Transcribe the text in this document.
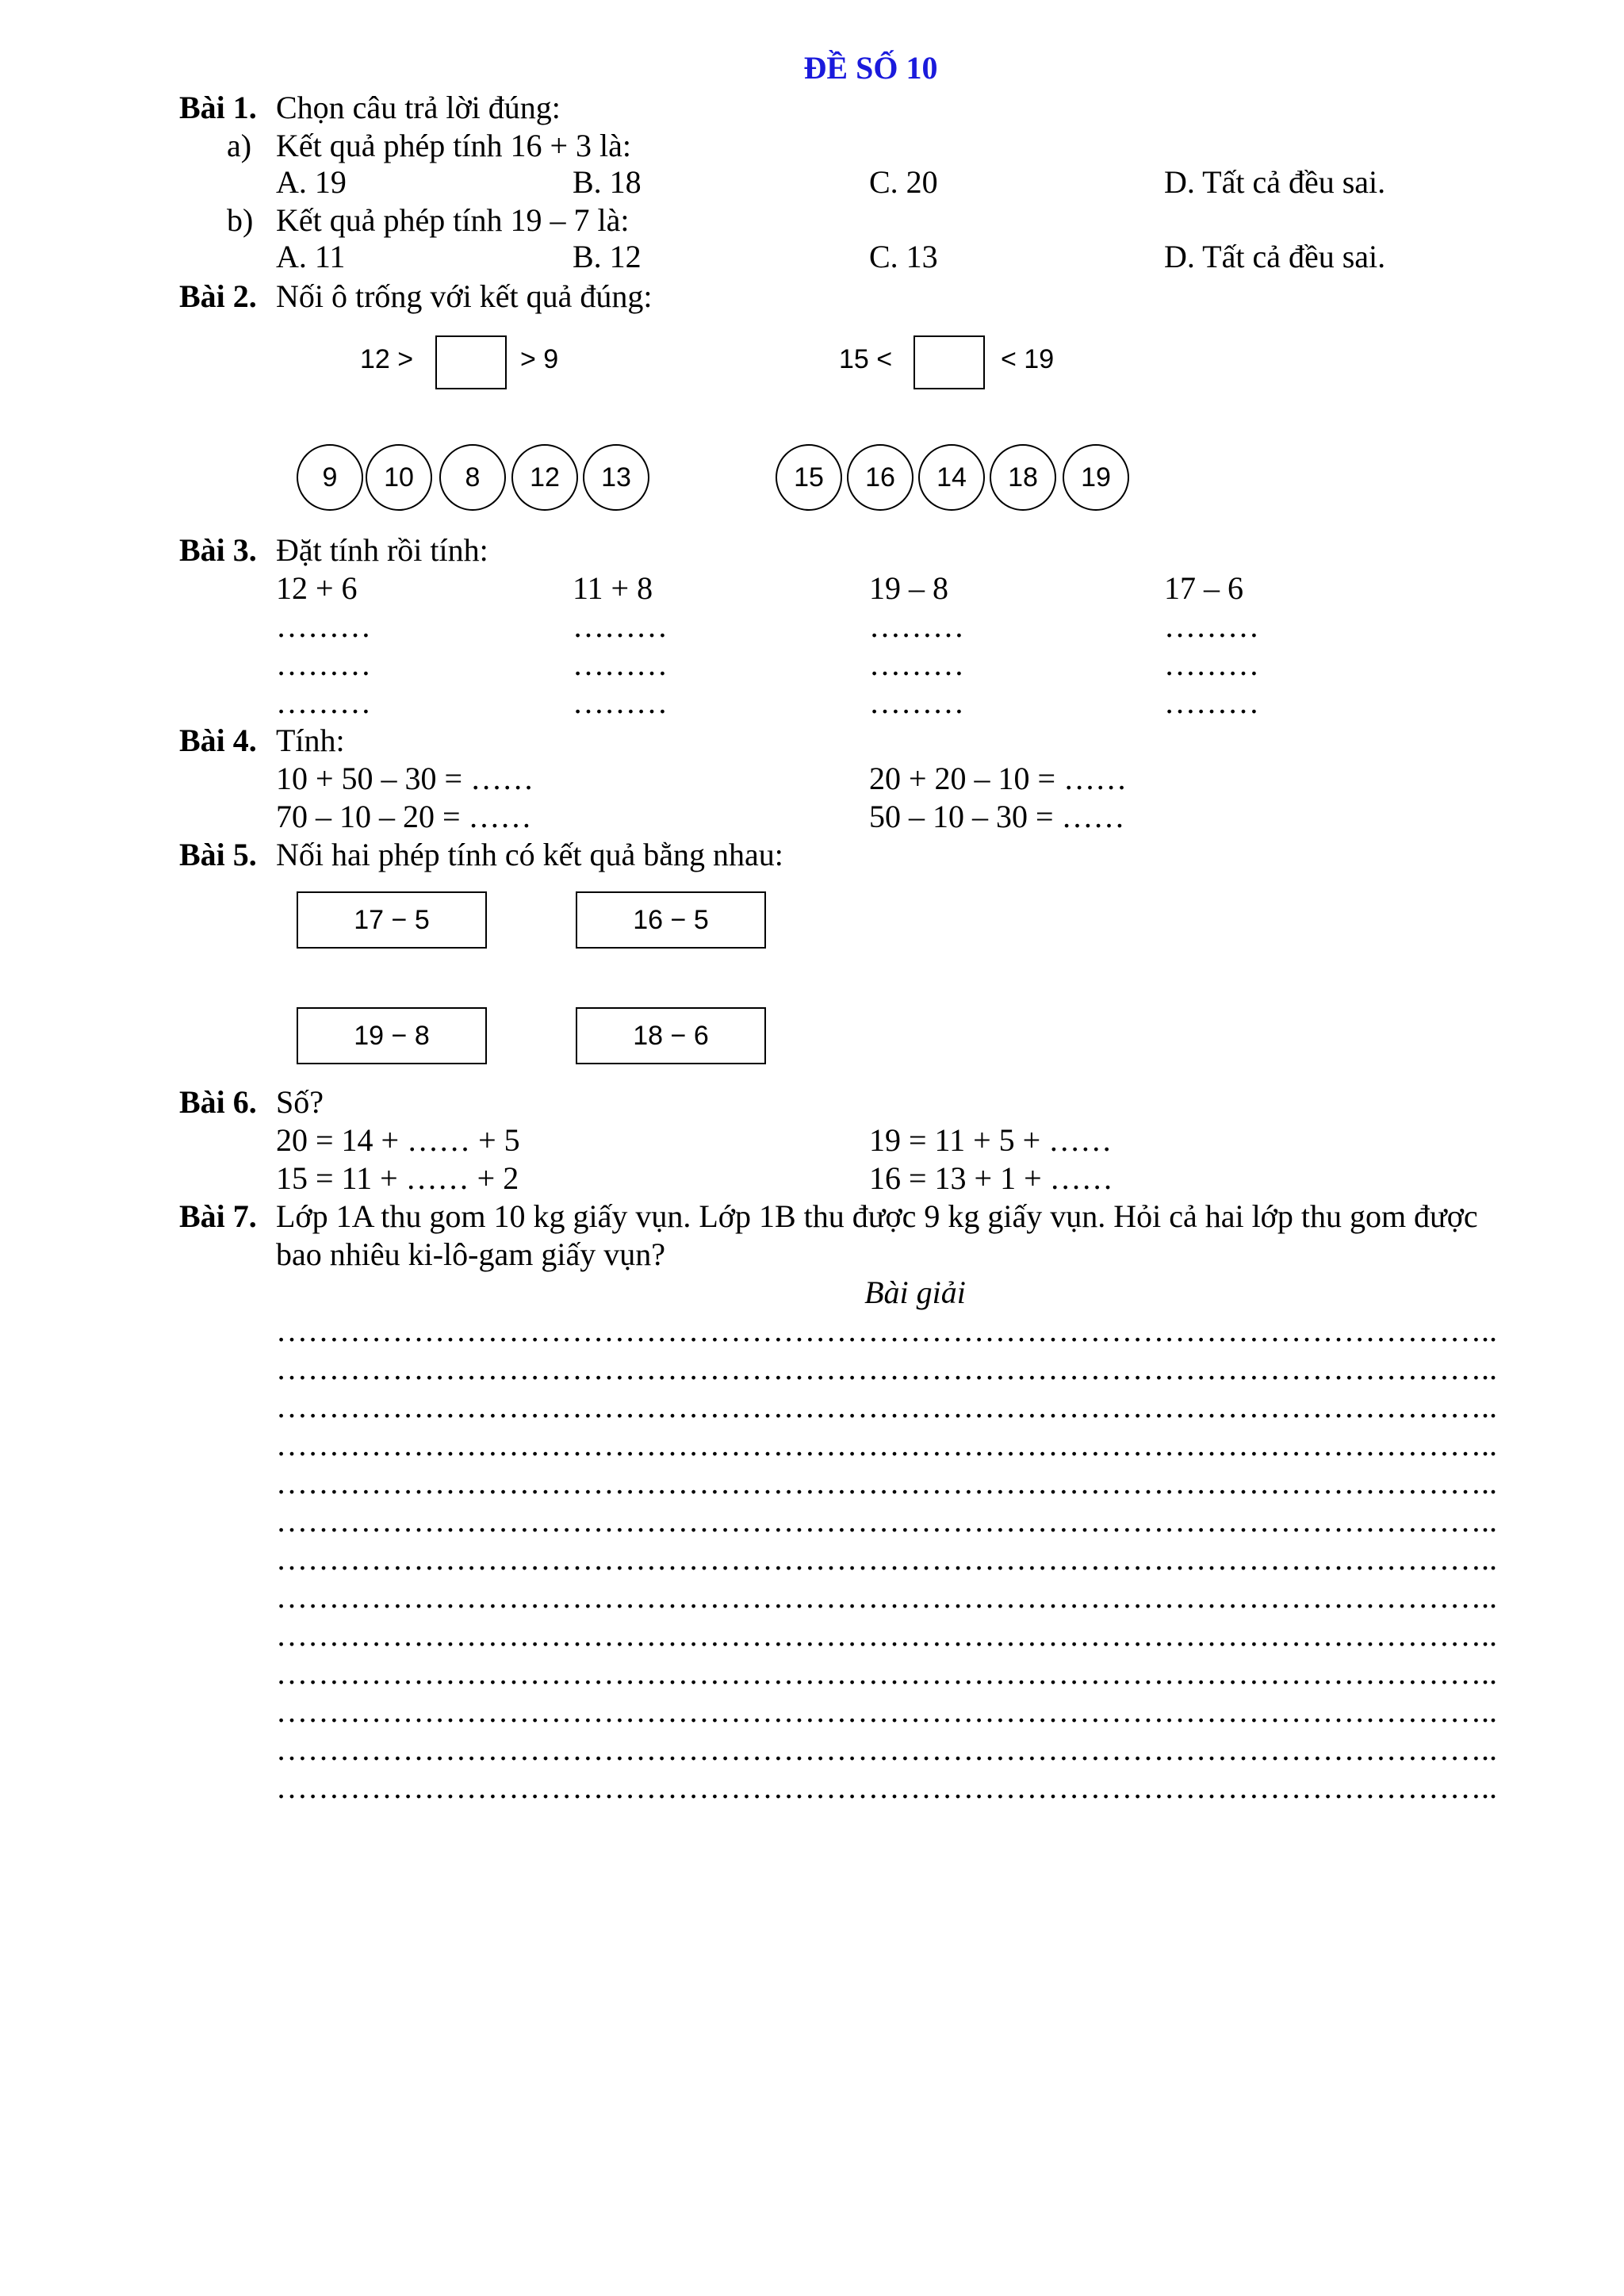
ĐỀ SỐ 10
Bài 1. Chọn câu trả lời đúng:
a) Kết quả phép tính 16 + 3 là:
A. 19	B. 18	C. 20	D. Tất cả đều sai.
b) Kết quả phép tính 19 – 7 là:
A. 11	B. 12	C. 13	D. Tất cả đều sai.
Bài 2. Nối ô trống với kết quả đúng:
12 >	> 9	15 <	< 19
9 10 8 12 13	15 16 14 18 19
Bài 3. Đặt tính rồi tính:
12 + 6	11 + 8	19 – 8	17 – 6
………	………	………	………
………	………	………	………
………	………	………	………
Bài 4. Tính:
10 + 50 – 30 = ……	20 + 20 – 10 = ……
70 – 10 – 20 = ……	50 – 10 – 30 = ……
Bài 5. Nối hai phép tính có kết quả bằng nhau:
17 − 5	16 − 5
19 − 8	18 − 6
Bài 6. Số?
20 = 14 + …… + 5	19 = 11 + 5 + ……
15 = 11 + …… + 2	16 = 13 + 1 + ……
Bài 7. Lớp 1A thu gom 10 kg giấy vụn. Lớp 1B thu được 9 kg giấy vụn. Hỏi cả hai lớp thu gom được
bao nhiêu ki-lô-gam giấy vụn?
Bài giải
……………………………………………………………………………………………………..
……………………………………………………………………………………………………..
……………………………………………………………………………………………………..
……………………………………………………………………………………………………..
……………………………………………………………………………………………………..
……………………………………………………………………………………………………..
……………………………………………………………………………………………………..
……………………………………………………………………………………………………..
……………………………………………………………………………………………………..
……………………………………………………………………………………………………..
……………………………………………………………………………………………………..
……………………………………………………………………………………………………..
……………………………………………………………………………………………………..
